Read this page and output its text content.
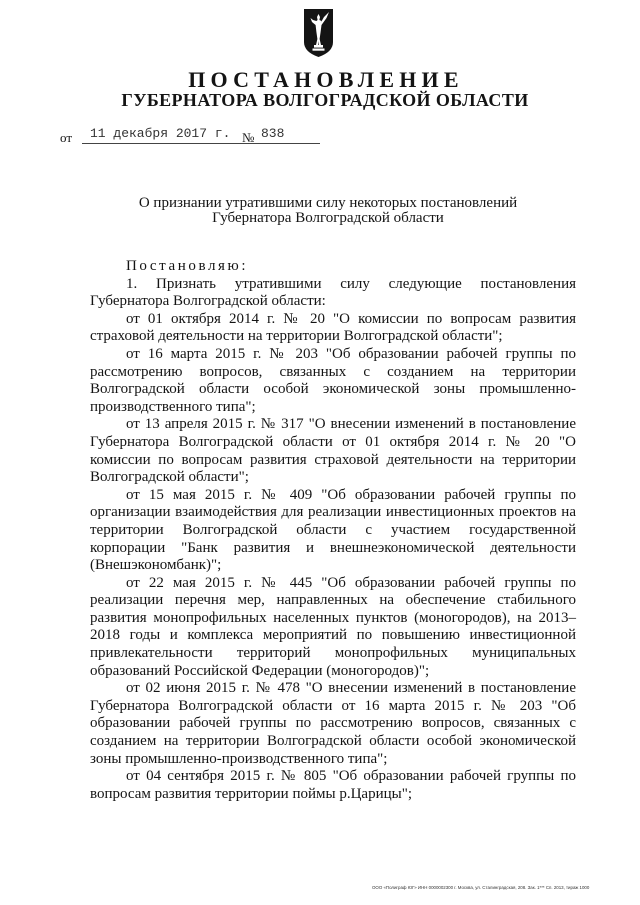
ПОСТАНОВЛЕНИЕ
ГУБЕРНАТОРА ВОЛГОГРАДСКОЙ ОБЛАСТИ
от 11 декабря 2017 г. № 838
О признании утратившими силу некоторых постановлений
Губернатора Волгоградской области
Постановляю:

1. Признать утратившими силу следующие постановления Губернатора Волгоградской области:

от 01 октября 2014 г. № 20 "О комиссии по вопросам развития страховой деятельности на территории Волгоградской области";

от 16 марта 2015 г. № 203 "Об образовании рабочей группы по рассмотрению вопросов, связанных с созданием на территории Волгоградской области особой экономической зоны промышленно-производственного типа";

от 13 апреля 2015 г. № 317 "О внесении изменений в постановление Губернатора Волгоградской области от 01 октября 2014 г. № 20 "О комиссии по вопросам развития страховой деятельности на территории Волгоградской области";

от 15 мая 2015 г. № 409 "Об образовании рабочей группы по организации взаимодействия для реализации инвестиционных проектов на территории Волгоградской области с участием государственной корпорации "Банк развития и внешнеэкономической деятельности (Внешэкономбанк)";

от 22 мая 2015 г. № 445 "Об образовании рабочей группы по реализации перечня мер, направленных на обеспечение стабильного развития монопрофильных населенных пунктов (моногородов), на 2013–2018 годы и комплекса мероприятий по повышению инвестиционной привлекательности территорий монопрофильных муниципальных образований Российской Федерации (моногородов)";

от 02 июня 2015 г. № 478 "О внесении изменений в постановление Губернатора Волгоградской области от 16 марта 2015 г. № 203 "Об образовании рабочей группы по рассмотрению вопросов, связанных с созданием на территории Волгоградской области особой экономической зоны промышленно-производственного типа";

от 04 сентября 2015 г. № 805 "Об образовании рабочей группы по вопросам развития территории поймы р.Царицы";

ООО «Полиграф ЮГ» ИНН 0000002300 г. Москва, ул. Сталинградская, 208. Зак. 1*** Сп. 2013, тираж 1000
